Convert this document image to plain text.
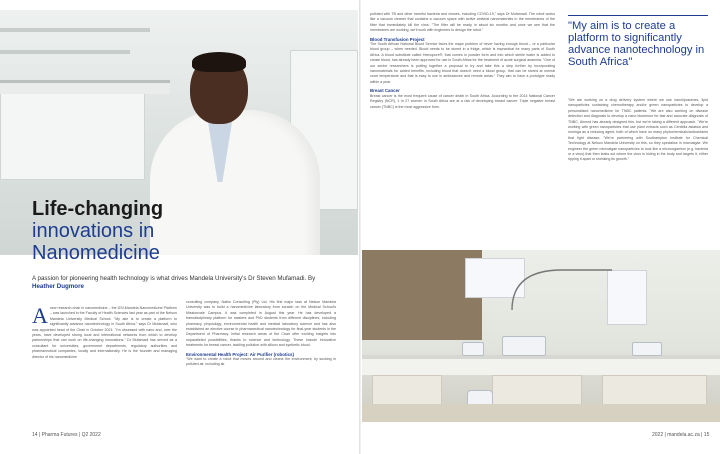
Life-changing
innovations in
Nanomedicine
A passion for pioneering health technology is what drives Mandela University's Dr Steven Mufamadi. By Heather Dugmore
A new research chair in nanomedicine – the DSI-Mandela Nanomedicine Platform – was launched in the Faculty of Health Sciences last year as part of the Nelson Mandela University Medical School. "My aim is to create a platform to significantly advance nanotechnology in South Africa," says Dr Mufamadi, who was appointed head of the Chair in October 2021. "I'm obsessed with nano and, over the years, have developed strong local and international networks from which to develop partnerships that can work on life-changing innovations." Dr Mufamadi has served as a consultant for universities, government departments, regulatory authorities and pharmaceutical companies, locally and internationally. He is the founder and managing director of his nanomedicine
consulting company, Nabio Consulting (Pty) Ltd. His first major task at Nelson Mandela University was to build a nanomedicine laboratory from scratch on the Medical School's Missionvale Campus. It was completed in August this year. He has developed a transdisciplinary platform for masters and PhD students from different disciplines, including pharmacy, physiology, environmental health and medical laboratory science and has also established an elective course in pharmaceutical nanotechnology for final-year students in the Department of Pharmacy. Initial research areas of the Chair offer exciting insights into unparalleled possibilities, thanks to science and technology. These include innovative treatments for breast cancer, tackling pollution with silicon and synthetic blood.
Environmental Health Project: Air Purifier (robotics)
"We want to create a robot that moves around and cleans the environment, by sucking in polluted air, including air
14 | Pharma Futures | Q2 2022
polluted with TB and other harmful bacteria and viruses, including COVID-19," says Dr Mufamadi. The robot works like a vacuum cleaner that contains a vacuum space with active antiviral nanomaterials in the membranes of the filter that immediately kill the virus. "The filter will be ready in about six months and once we see that the membranes are working, we'll work with engineers to design the robot."
Blood Transfusion Project
The South African National Blood Service faces the major problem of never having enough blood – or a particular blood group – when needed. Blood needs to be stored in a fridge, which is impractical for many parts of South Africa. A blood substitute called Hemopure®, that comes in powder form and into which sterile water is added to create blood, has already been approved for use in South Africa for the treatment of acute surgical anaemia. "One of our senior researchers is putting together a proposal to try and take this a step further by incorporating nanomaterials for added benefits, including blood that doesn't need a blood group, that can be stored at normal room temperature and that is easy to use in ambulances and remote areas." They aim to have a prototype ready within a year.
Breast Cancer
Breast cancer is the most frequent cause of cancer death in South Africa. According to the 2014 National Cancer Registry (NCR), 1 in 27 women in South Africa are at a risk of developing breast cancer. Triple negative breast cancer (TNBC) is the most aggressive form.
"My aim is to create a platform to significantly advance nanotechnology in South Africa"
"We are working on a drug delivery system where we use nanoliposomes, lipid nanoparticles containing chemotherapy and/or green nanoparticles to develop a personalised nanomedicine for TNBC patients. "We are also working on disease detection and diagnosis to develop a nano biosensor for fast and accurate diagnosis of TNBC. Ahmed has already designed this, but we're taking a different approach. "We're working with green nanoparticles that use plant extracts such as Centella asiatica and moringa as a reducing agent, both of which have so many phytochemicals/antioxidants that fight disease. "We're partnering with Southampton Institute for Chemical Technology at Nelson Mandela University on this, so they specialise in microalgae. We engineer the green microalgae nanoparticles to look like a microorganism (e.g. bacteria or a virus) that then leaks out where the virus is hiding in the body and targets it, either ripping it apart or shrinking its growth."
2022 | mandela.ac.za | 15
